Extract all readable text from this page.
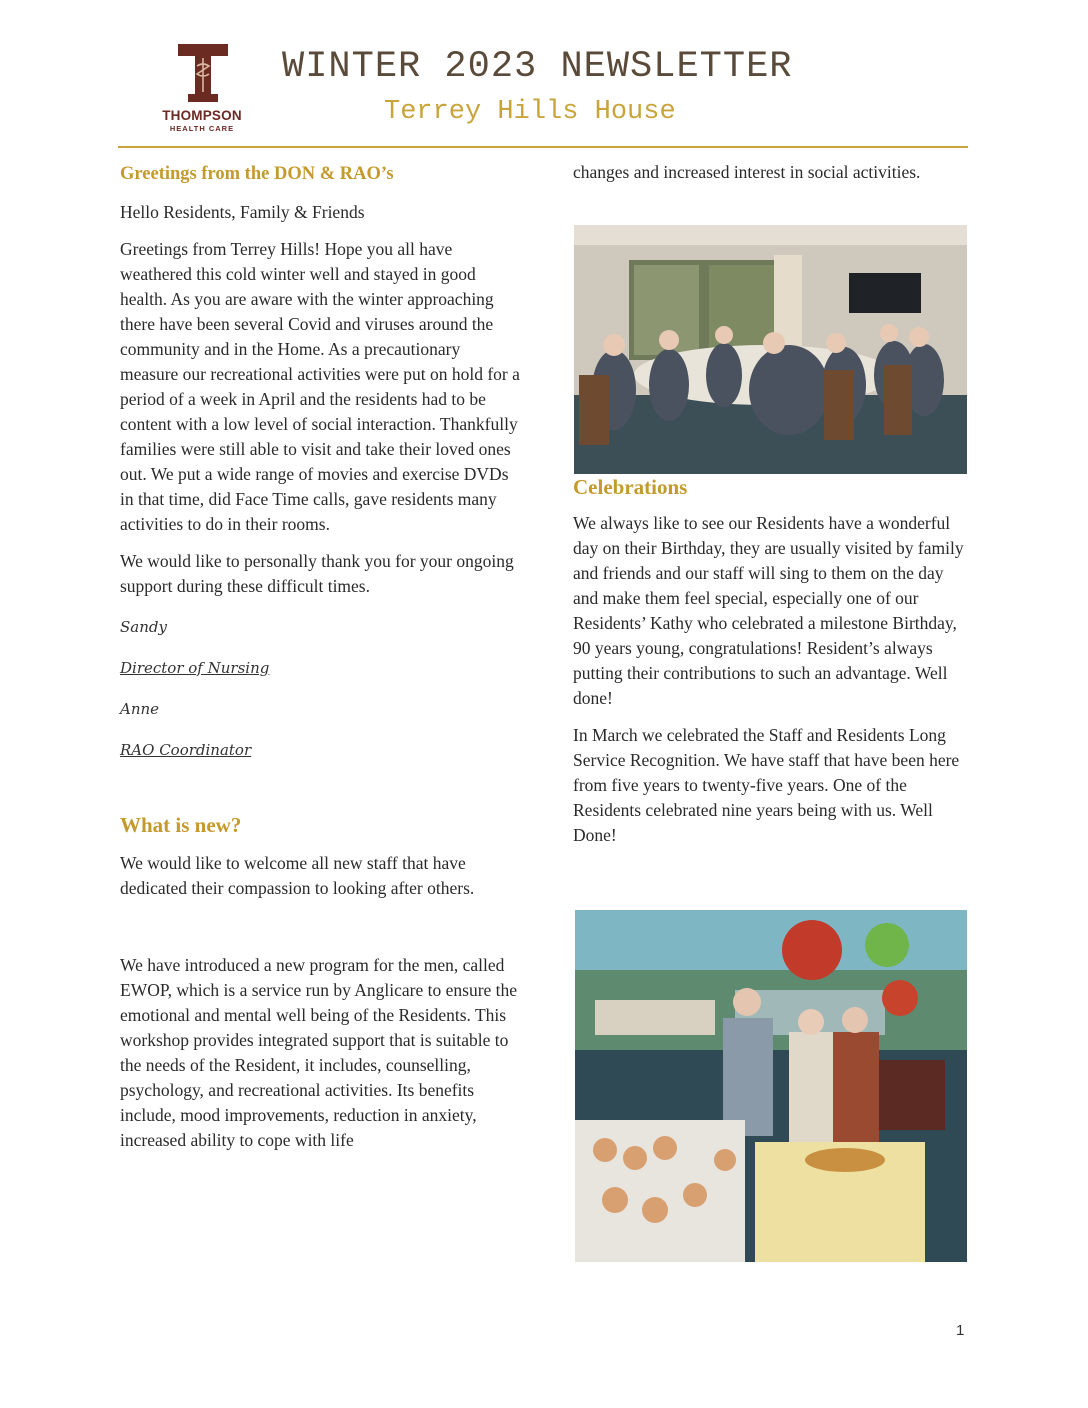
THOMPSON
HEALTH CARE
WINTER 2023 NEWSLETTER
Terrey Hills House
Greetings from the DON & RAO’s

Hello Residents, Family & Friends

Greetings from Terrey Hills! Hope you all have weathered this cold winter well and stayed in good health. As you are aware with the winter approaching there have been several Covid and viruses around the community and in the Home. As a precautionary measure our recreational activities were put on hold for a period of a week in April and the residents had to be content with a low level of social interaction. Thankfully families were still able to visit and take their loved ones out. We put a wide range of movies and exercise DVDs in that time, did Face Time calls, gave residents many activities to do in their rooms.

We would like to personally thank you for your ongoing support during these difficult times.

Sandy

Director of Nursing

Anne

RAO Coordinator

What is new?

We would like to welcome all new staff that have dedicated their compassion to looking after others.

We have introduced a new program for the men, called EWOP, which is a service run by Anglicare to ensure the emotional and mental well being of the Residents. This workshop provides integrated support that is suitable to the needs of the Resident, it includes, counselling, psychology, and recreational activities. Its benefits include, mood improvements, reduction in anxiety, increased ability to cope with life

changes and increased interest in social activities.

Celebrations

We always like to see our Residents have a wonderful day on their Birthday, they are usually visited by family and friends and our staff will sing to them on the day and make them feel special, especially one of our Residents’ Kathy who celebrated a milestone Birthday, 90 years young, congratulations! Resident’s always putting their contributions to such an advantage. Well done!

In March we celebrated the Staff and Residents Long Service Recognition. We have staff that have been here from five years to twenty-five years. One of the Residents celebrated nine years being with us. Well Done!

1
